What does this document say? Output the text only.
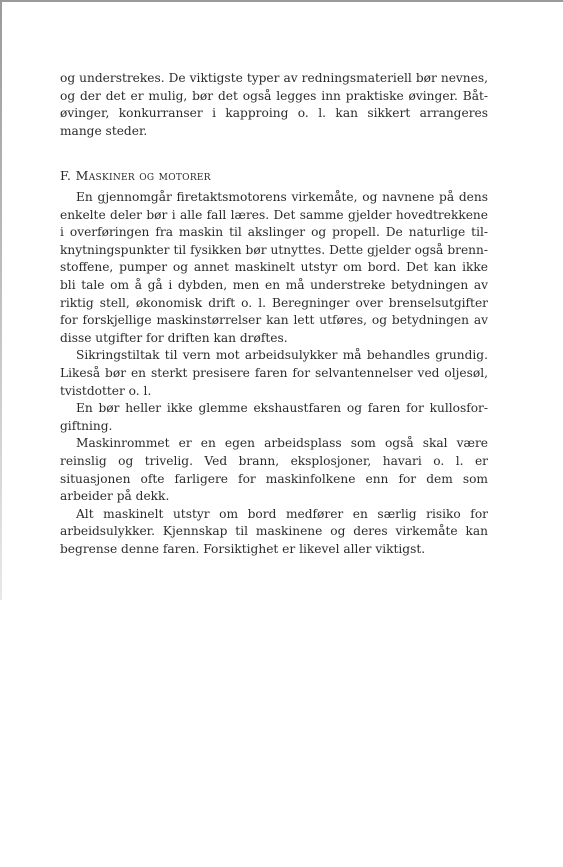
og understrekes. De viktigste typer av redningsmateriell bør nevnes, og der det er mulig, bør det også legges inn praktiske øvinger. Båtøvinger, konkurranser i kapproing o. l. kan sikkert arrangeres mange steder.

F. Maskiner og motorer

En gjennomgår firetaktsmotorens virkemåte, og navnene på dens enkelte deler bør i alle fall læres. Det samme gjelder hovedtrekkene i overføringen fra maskin til akslinger og propell. De naturlige tilknytningspunkter til fysikken bør utnyttes. Dette gjelder også brennstoffene, pumper og annet maskinelt utstyr om bord. Det kan ikke bli tale om å gå i dybden, men en må understreke betydningen av riktig stell, økonomisk drift o. l. Beregninger over brenselsutgifter for forskjellige maskinstørrelser kan lett utføres, og betydningen av disse utgifter for driften kan drøftes.

Sikringstiltak til vern mot arbeidsulykker må behandles grundig. Likeså bør en sterkt presisere faren for selvantennelser ved oljesøl, tvistdotter o. l.

En bør heller ikke glemme ekshaustfaren og faren for kullosforgiftning.

Maskinrommet er en egen arbeidsplass som også skal være reinslig og trivelig. Ved brann, eksplosjoner, havari o. l. er situasjonen ofte farligere for maskinfolkene enn for dem som arbeider på dekk.

Alt maskinelt utstyr om bord medfører en særlig risiko for arbeidsulykker. Kjennskap til maskinene og deres virkemåte kan begrense denne faren. Forsiktighet er likevel aller viktigst.
